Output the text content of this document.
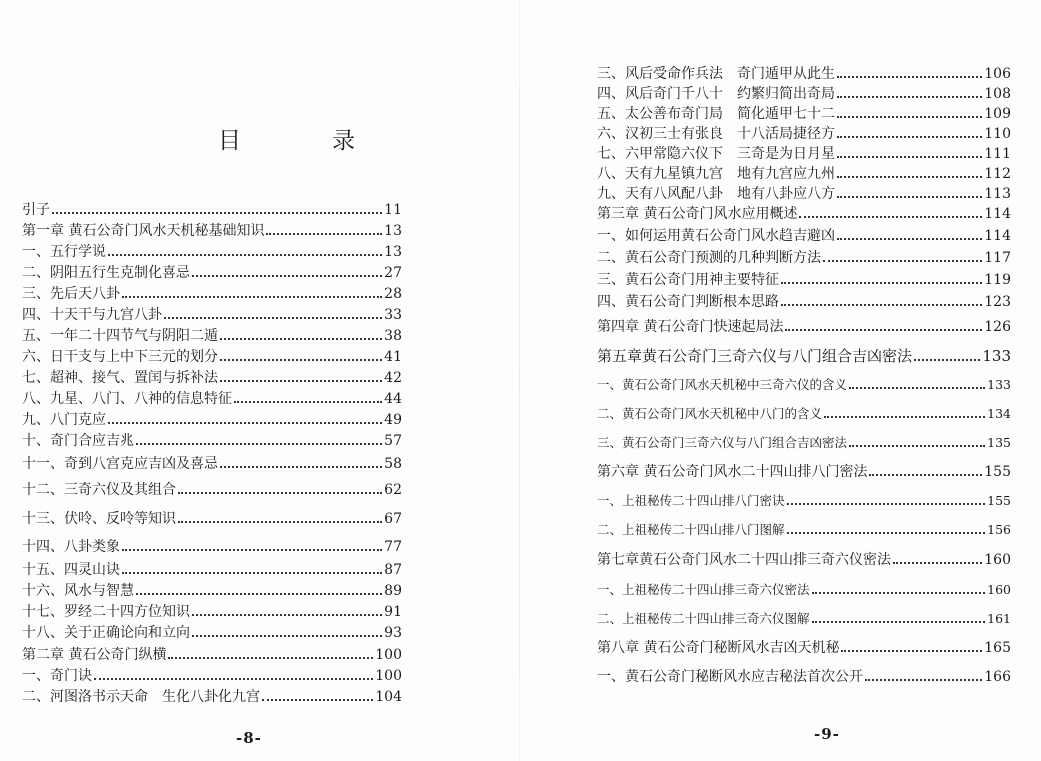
目　录
引子	11
第一章 黄石公奇门风水天机秘基础知识	13
一、五行学说	13
二、阴阳五行生克制化喜忌	27
三、先后天八卦	28
四、十天干与九宫八卦	33
五、一年二十四节气与阴阳二遁	38
六、日干支与上中下三元的划分	41
七、超神、接气、置闰与拆补法	42
八、九星、八门、八神的信息特征	44
九、八门克应	49
十、奇门合应吉兆	57
十一、奇到八宫克应吉凶及喜忌	58
十二、三奇六仪及其组合	62
十三、伏呤、反呤等知识	67
十四、八卦类象	77
十五、四灵山诀	87
十六、风水与智慧	89
十七、罗经二十四方位知识	91
十八、关于正确论向和立向	93
第二章 黄石公奇门纵横	100
一、奇门诀	100
二、河图洛书示天命　生化八卦化九宫	104
-8-
三、风后受命作兵法　奇门遁甲从此生	106
四、风后奇门千八十　约繁归简出奇局	108
五、太公善布奇门局　简化遁甲七十二	109
六、汉初三士有张良　十八活局捷径方	110
七、六甲常隐六仪下　三奇是为日月星	111
八、天有九星镇九宫　地有九宫应九州	112
九、天有八风配八卦　地有八卦应八方	113
第三章 黄石公奇门风水应用概述	114
一、如何运用黄石公奇门风水趋吉避凶	114
二、黄石公奇门预测的几种判断方法	117
三、黄石公奇门用神主要特征	119
四、黄石公奇门判断根本思路	123
第四章 黄石公奇门快速起局法	126
第五章黄石公奇门三奇六仪与八门组合吉凶密法	133
一、黄石公奇门风水天机秘中三奇六仪的含义	133
二、黄石公奇门风水天机秘中八门的含义	134
三、黄石公奇门三奇六仪与八门组合吉凶密法	135
第六章 黄石公奇门风水二十四山排八门密法	155
一、上祖秘传二十四山排八门密诀	155
二、上祖秘传二十四山排八门图解	156
第七章黄石公奇门风水二十四山排三奇六仪密法	160
一、上祖秘传二十四山排三奇六仪密法	160
二、上祖秘传二十四山排三奇六仪图解	161
第八章 黄石公奇门秘断风水吉凶天机秘	165
一、黄石公奇门秘断风水应吉秘法首次公开	166
-9-
